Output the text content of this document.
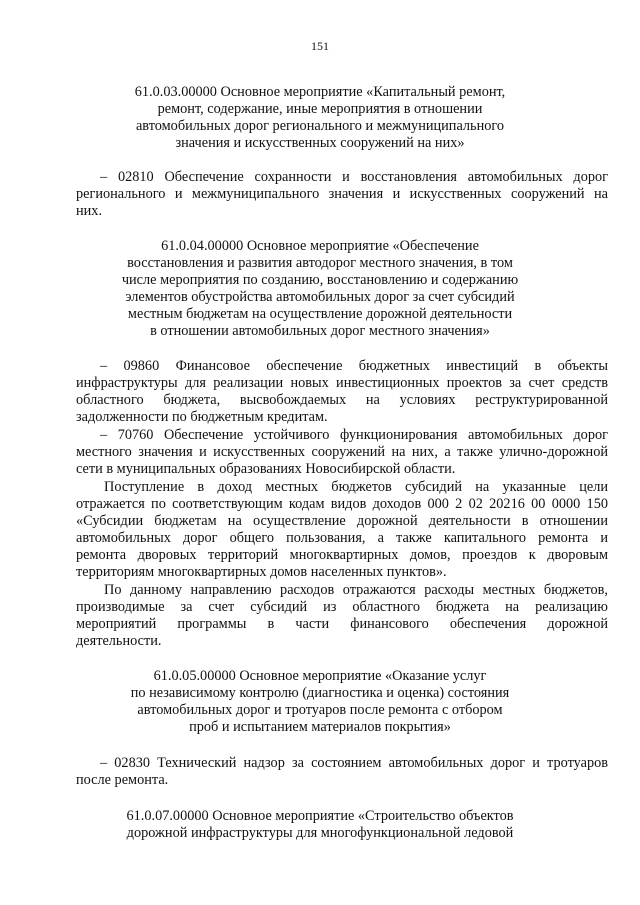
151
61.0.03.00000 Основное мероприятие «Капитальный ремонт,
ремонт, содержание, иные мероприятия в отношении
автомобильных дорог регионального и межмуниципального
значения и искусственных сооружений на них»
– 02810 Обеспечение сохранности и восстановления автомобильных дорог
регионального и межмуниципального значения и искусственных сооружений на
них.
61.0.04.00000 Основное мероприятие «Обеспечение
восстановления и развития автодорог местного значения, в том
числе мероприятия по созданию, восстановлению и содержанию
элементов обустройства автомобильных дорог за счет субсидий
местным бюджетам на осуществление дорожной деятельности
в отношении автомобильных дорог местного значения»
– 09860 Финансовое обеспечение бюджетных инвестиций в объекты
инфраструктуры для реализации новых инвестиционных проектов за счет средств
областного бюджета, высвобождаемых на условиях реструктурированной
задолженности по бюджетным кредитам.
– 70760 Обеспечение устойчивого функционирования автомобильных дорог
местного значения и искусственных сооружений на них, а также улично-дорожной
сети в муниципальных образованиях Новосибирской области.
Поступление в доход местных бюджетов субсидий на указанные цели
отражается по соответствующим кодам видов доходов 000 2 02 20216 00 0000 150
«Субсидии бюджетам на осуществление дорожной деятельности в отношении
автомобильных дорог общего пользования, а также капитального ремонта и
ремонта дворовых территорий многоквартирных домов, проездов к дворовым
территориям многоквартирных домов населенных пунктов».
По данному направлению расходов отражаются расходы местных бюджетов,
производимые за счет субсидий из областного бюджета на реализацию
мероприятий программы в части финансового обеспечения дорожной
деятельности.
61.0.05.00000 Основное мероприятие «Оказание услуг
по независимому контролю (диагностика и оценка) состояния
автомобильных дорог и тротуаров после ремонта с отбором
проб и испытанием материалов покрытия»
– 02830 Технический надзор за состоянием автомобильных дорог и тротуаров
после ремонта.
61.0.07.00000 Основное мероприятие «Строительство объектов
дорожной инфраструктуры для многофункциональной ледовой
